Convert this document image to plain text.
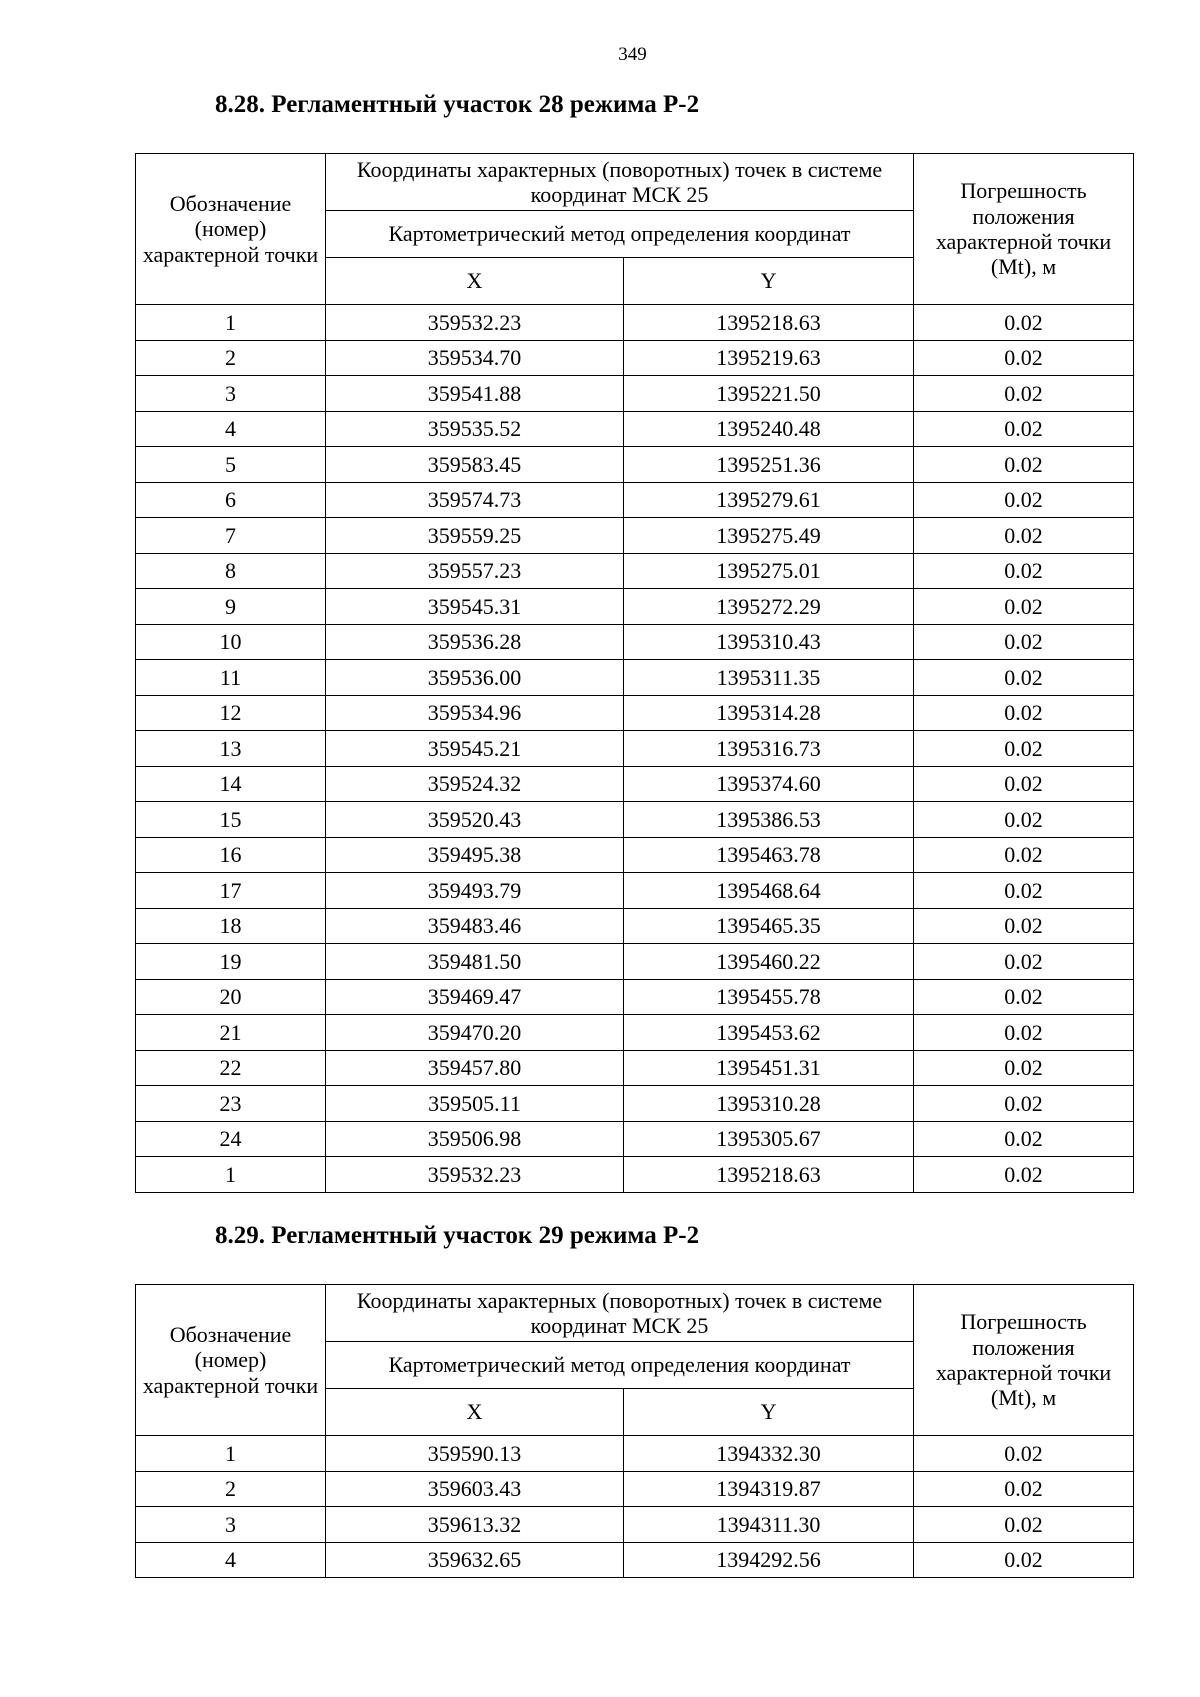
349
8.28. Регламентный участок 28 режима Р-2
Обозначение (номер) характерной точки	Координаты характерных (поворотных) точек в системе координат МСК 25		Погрешность положения характерной точки (Mt), м
	Картометрический метод определения координат		
	X	Y	
1	359532.23	1395218.63	0.02
2	359534.70	1395219.63	0.02
3	359541.88	1395221.50	0.02
4	359535.52	1395240.48	0.02
5	359583.45	1395251.36	0.02
6	359574.73	1395279.61	0.02
7	359559.25	1395275.49	0.02
8	359557.23	1395275.01	0.02
9	359545.31	1395272.29	0.02
10	359536.28	1395310.43	0.02
11	359536.00	1395311.35	0.02
12	359534.96	1395314.28	0.02
13	359545.21	1395316.73	0.02
14	359524.32	1395374.60	0.02
15	359520.43	1395386.53	0.02
16	359495.38	1395463.78	0.02
17	359493.79	1395468.64	0.02
18	359483.46	1395465.35	0.02
19	359481.50	1395460.22	0.02
20	359469.47	1395455.78	0.02
21	359470.20	1395453.62	0.02
22	359457.80	1395451.31	0.02
23	359505.11	1395310.28	0.02
24	359506.98	1395305.67	0.02
1	359532.23	1395218.63	0.02
8.29. Регламентный участок 29 режима Р-2
Обозначение (номер) характерной точки	Координаты характерных (поворотных) точек в системе координат МСК 25		Погрешность положения характерной точки (Mt), м
	Картометрический метод определения координат		
	X	Y	
1	359590.13	1394332.30	0.02
2	359603.43	1394319.87	0.02
3	359613.32	1394311.30	0.02
4	359632.65	1394292.56	0.02
